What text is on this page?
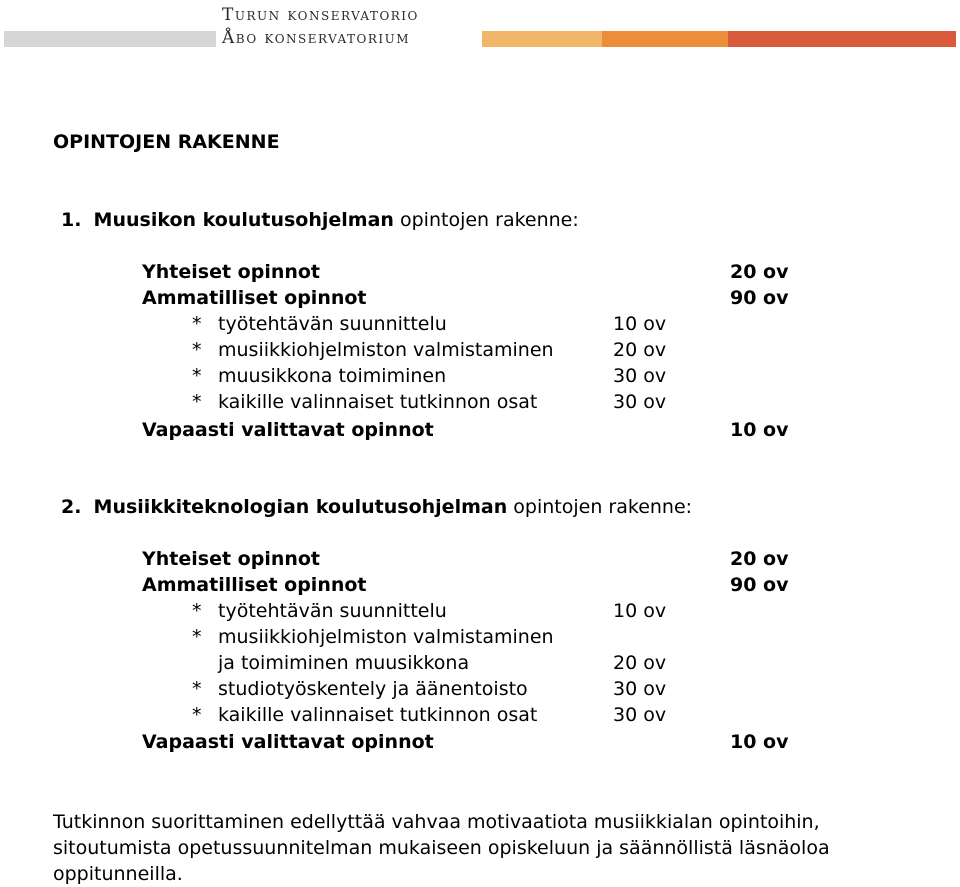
Turun konservatorio
Åbo konservatorium
OPINTOJEN RAKENNE
1. Muusikon koulutusohjelman opintojen rakenne:
Yhteiset opinnot	20 ov
Ammatilliset opinnot	90 ov
* työtehtävän suunnittelu	10 ov
* musiikkiohjelmiston valmistaminen	20 ov
* muusikkona toimiminen	30 ov
* kaikille valinnaiset tutkinnon osat	30 ov
Vapaasti valittavat opinnot	10 ov
2. Musiikkiteknologian koulutusohjelman opintojen rakenne:
Yhteiset opinnot	20 ov
Ammatilliset opinnot	90 ov
* työtehtävän suunnittelu	10 ov
* musiikkiohjelmiston valmistaminen
ja toimiminen muusikkona	20 ov
* studiotyöskentely ja äänentoisto	30 ov
* kaikille valinnaiset tutkinnon osat	30 ov
Vapaasti valittavat opinnot	10 ov
Tutkinnon suorittaminen edellyttää vahvaa motivaatiota musiikkialan opintoihin,
sitoutumista opetussuunnitelman mukaiseen opiskeluun ja säännöllistä läsnäoloa
oppitunneilla.
